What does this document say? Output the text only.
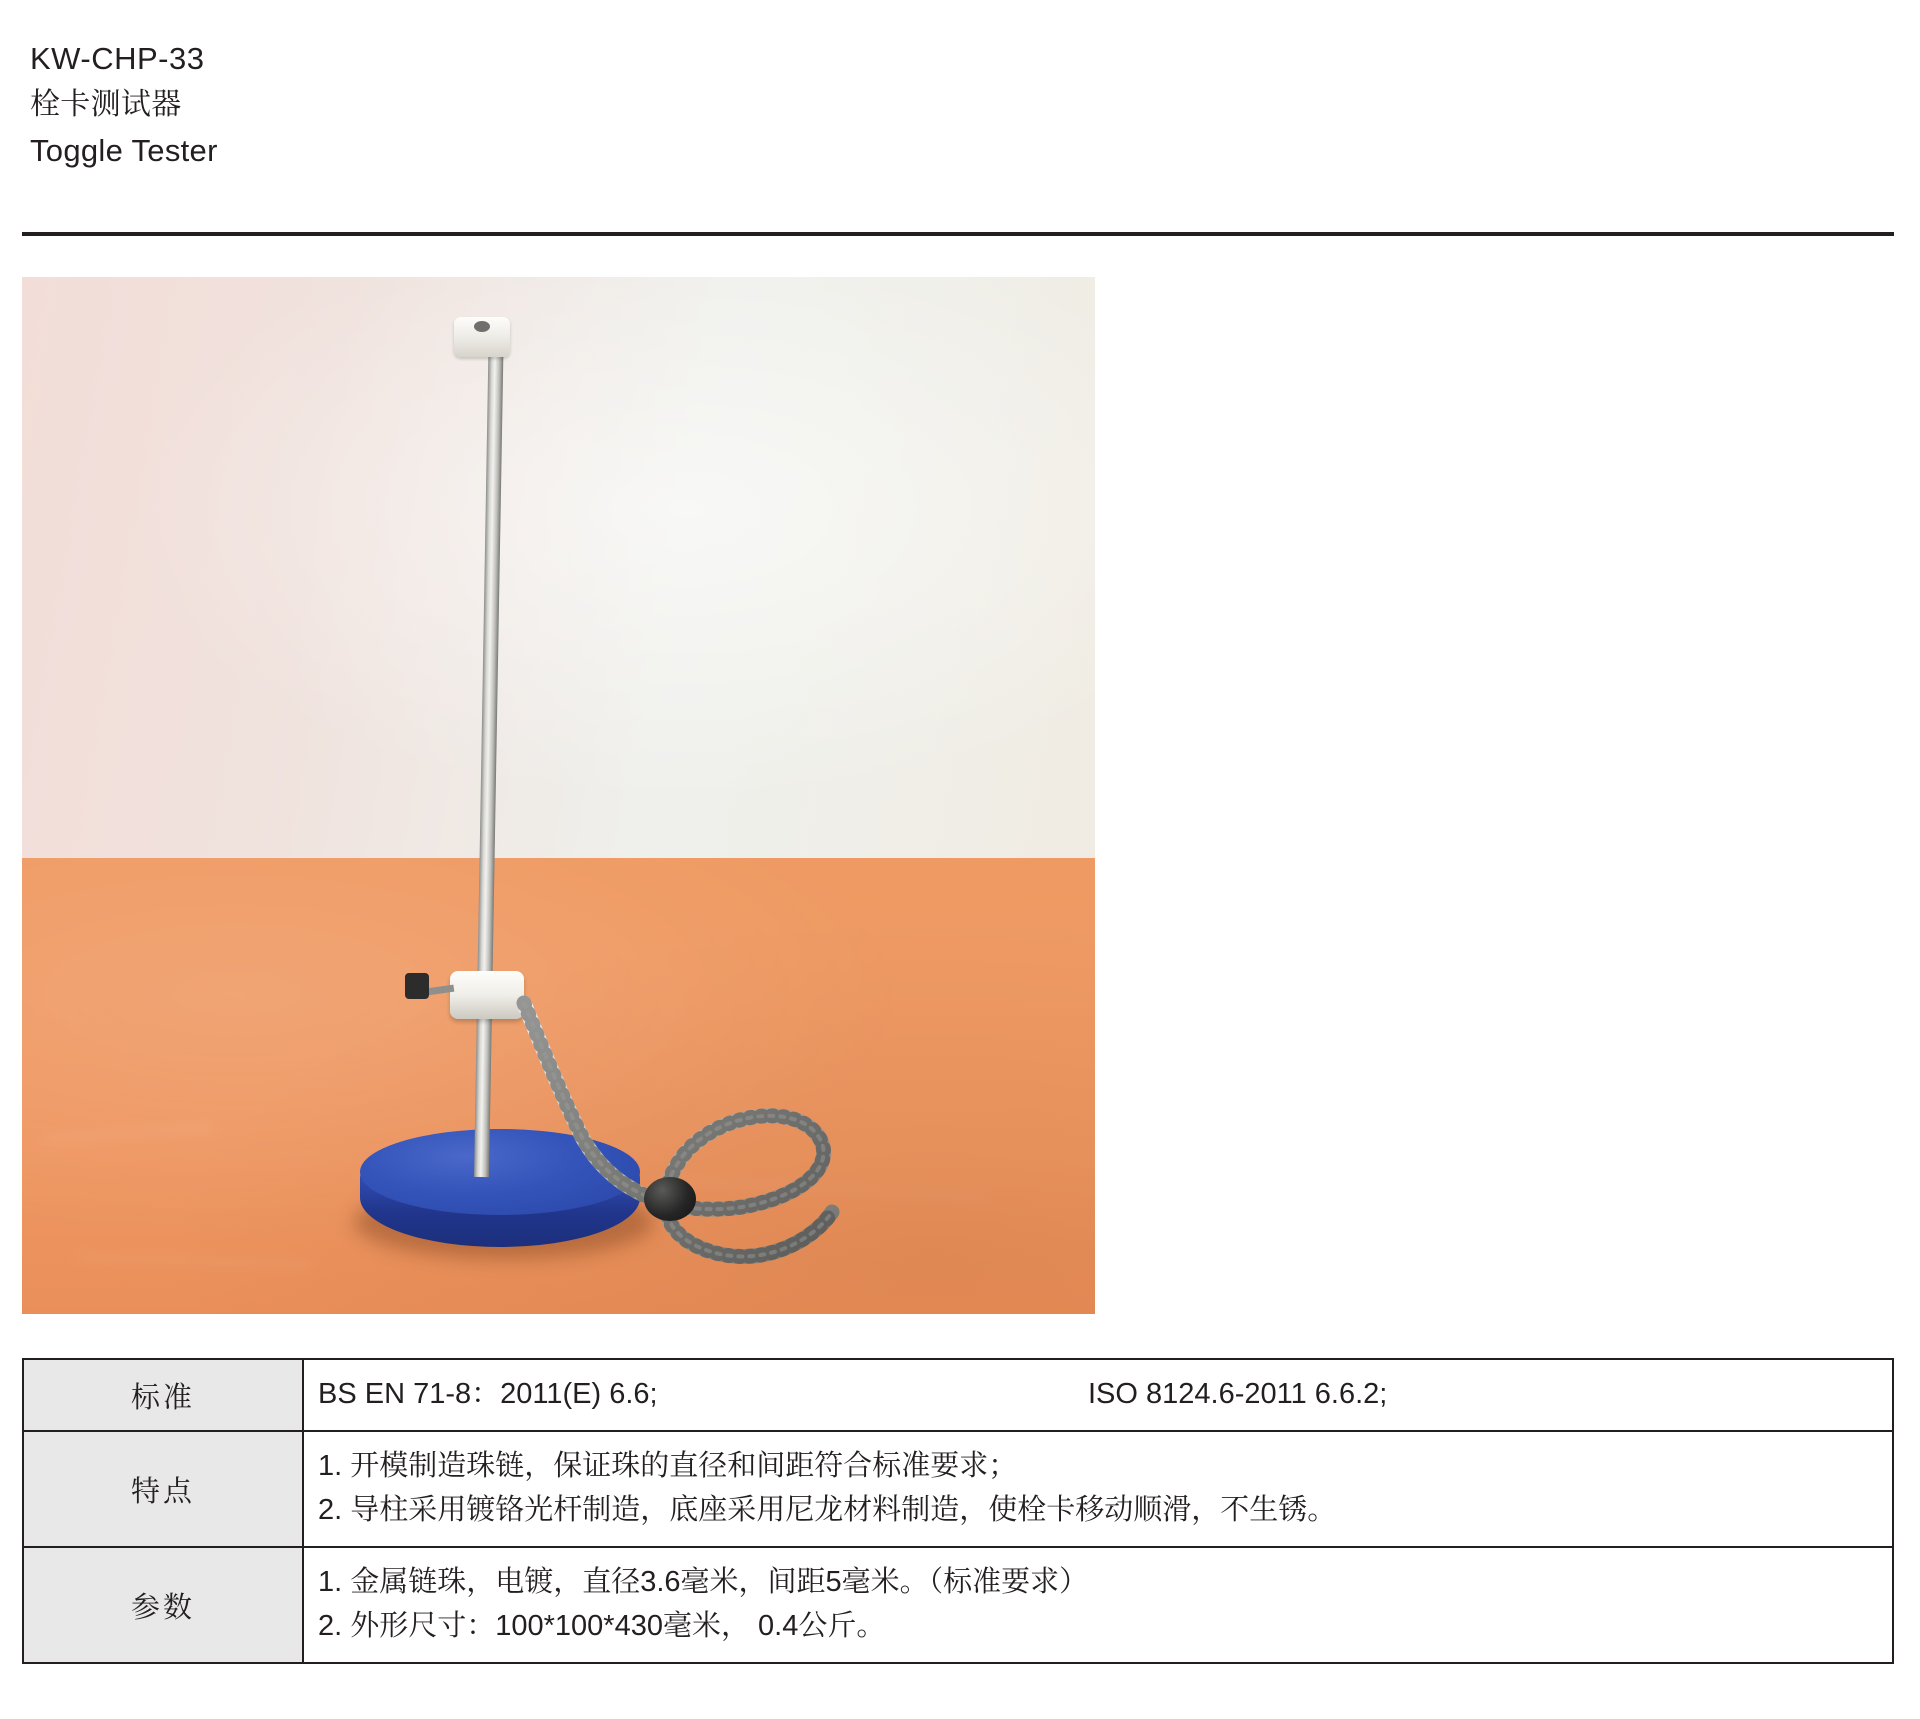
KW-CHP-33
栓卡测试器
Toggle Tester
标准	BS EN 71-8：2011(E) 6.6; ISO 8124.6-2011 6.6.2;

特点	1. 开模制造珠链，保证珠的直径和间距符合标准要求；
2. 导柱采用镀铬光杆制造，底座采用尼龙材料制造，使栓卡移动顺滑，不生锈。

参数	1. 金属链珠，电镀，直径3.6毫米，间距5毫米。（标准要求）
2. 外形尺寸：100*100*430毫米， 0.4公斤。
